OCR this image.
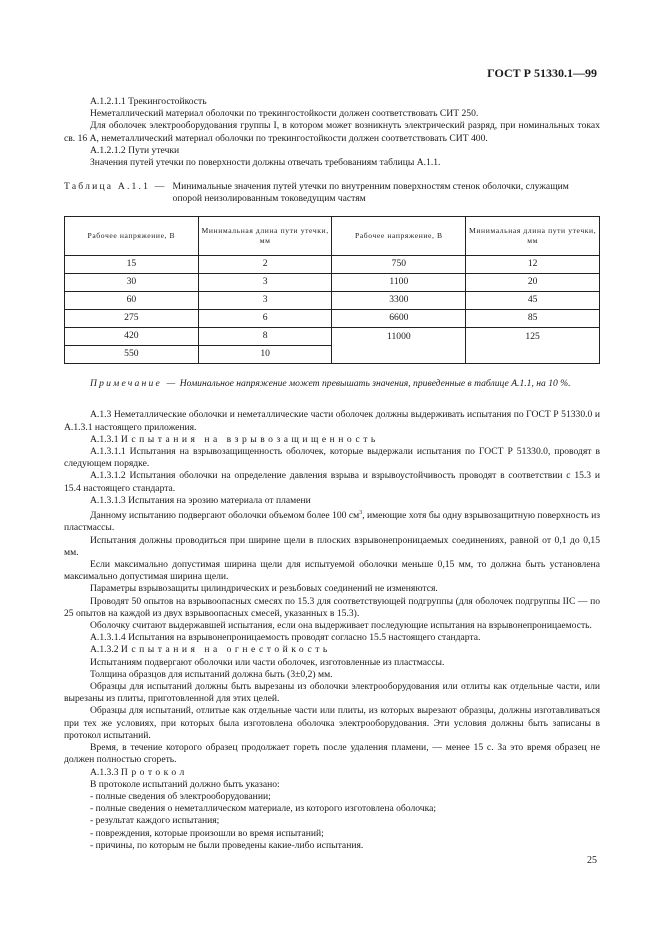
ГОСТ Р 51330.1—99

А.1.2.1.1 Трекингостойкость

Неметаллический материал оболочки по трекингостойкости должен соответствовать СИТ 250.

Для оболочек электрооборудования группы I, в котором может возникнуть электрический разряд, при номинальных токах св. 16 А, неметаллический материал оболочки по трекингостойкости должен соответствовать СИТ 400.

А.1.2.1.2 Пути утечки

Значения путей утечки по поверхности должны отвечать требованиям таблицы А.1.1.

Таблица А.1.1 — Минимальные значения путей утечки по внутренним поверхностям стенок оболочки, служащим опорой неизолированным токоведущим частям
Рабочее напряжение, В	Минимальная длина пути утечки, мм	Рабочее напряжение, В	Минимальная длина пути утечки, мм
15	2	750	12
30	3	1100	20
60	3	3300	45
275	6	6600	85
420	8	11000	125
550	10		

Примечание — Номинальное напряжение может превышать значения, приведенные в таблице А.1.1, на 10 %.

А.1.3 Неметаллические оболочки и неметаллические части оболочек должны выдерживать испытания по ГОСТ Р 51330.0 и А.1.3.1 настоящего приложения.

А.1.3.1 Испытания на взрывозащищенность

А.1.3.1.1 Испытания на взрывозащищенность оболочек, которые выдержали испытания по ГОСТ Р 51330.0, проводят в следующем порядке.

А.1.3.1.2 Испытания оболочки на определение давления взрыва и взрывоустойчивость проводят в соответствии с 15.3 и 15.4 настоящего стандарта.

А.1.3.1.3 Испытания на эрозию материала от пламени

Данному испытанию подвергают оболочки объемом более 100 $см^3$, имеющие хотя бы одну взрывозащитную поверхность из пластмассы.

Испытания должны проводиться при ширине щели в плоских взрывонепроницаемых соединениях, равной от 0,1 до 0,15 мм.

Если максимально допустимая ширина щели для испытуемой оболочки меньше 0,15 мм, то должна быть установлена максимально допустимая ширина щели.

Параметры взрывозащиты цилиндрических и резьбовых соединений не изменяются.

Проводят 50 опытов на взрывоопасных смесях по 15.3 для соответствующей подгруппы (для оболочек подгруппы IIC — по 25 опытов на каждой из двух взрывоопасных смесей, указанных в 15.3).

Оболочку считают выдержавшей испытания, если она выдерживает последующие испытания на взрывонепроницаемость.

А.1.3.1.4 Испытания на взрывонепроницаемость проводят согласно 15.5 настоящего стандарта.

А.1.3.2 Испытания на огнестойкость

Испытаниям подвергают оболочки или части оболочек, изготовленные из пластмассы.

Толщина образцов для испытаний должна быть (3±0,2) мм.

Образцы для испытаний должны быть вырезаны из оболочки электрооборудования или отлиты как отдельные части, или вырезаны из плиты, приготовленной для этих целей.

Образцы для испытаний, отлитые как отдельные части или плиты, из которых вырезают образцы, должны изготавливаться при тех же условиях, при которых была изготовлена оболочка электрооборудования. Эти условия должны быть записаны в протокол испытаний.

Время, в течение которого образец продолжает гореть после удаления пламени, — менее 15 с. За это время образец не должен полностью сгореть.

А.1.3.3 Протокол

В протоколе испытаний должно быть указано:

- полные сведения об электрооборудовании;

- полные сведения о неметаллическом материале, из которого изготовлена оболочка;

- результат каждого испытания;

- повреждения, которые произошли во время испытаний;

- причины, по которым не были проведены какие-либо испытания.

25
